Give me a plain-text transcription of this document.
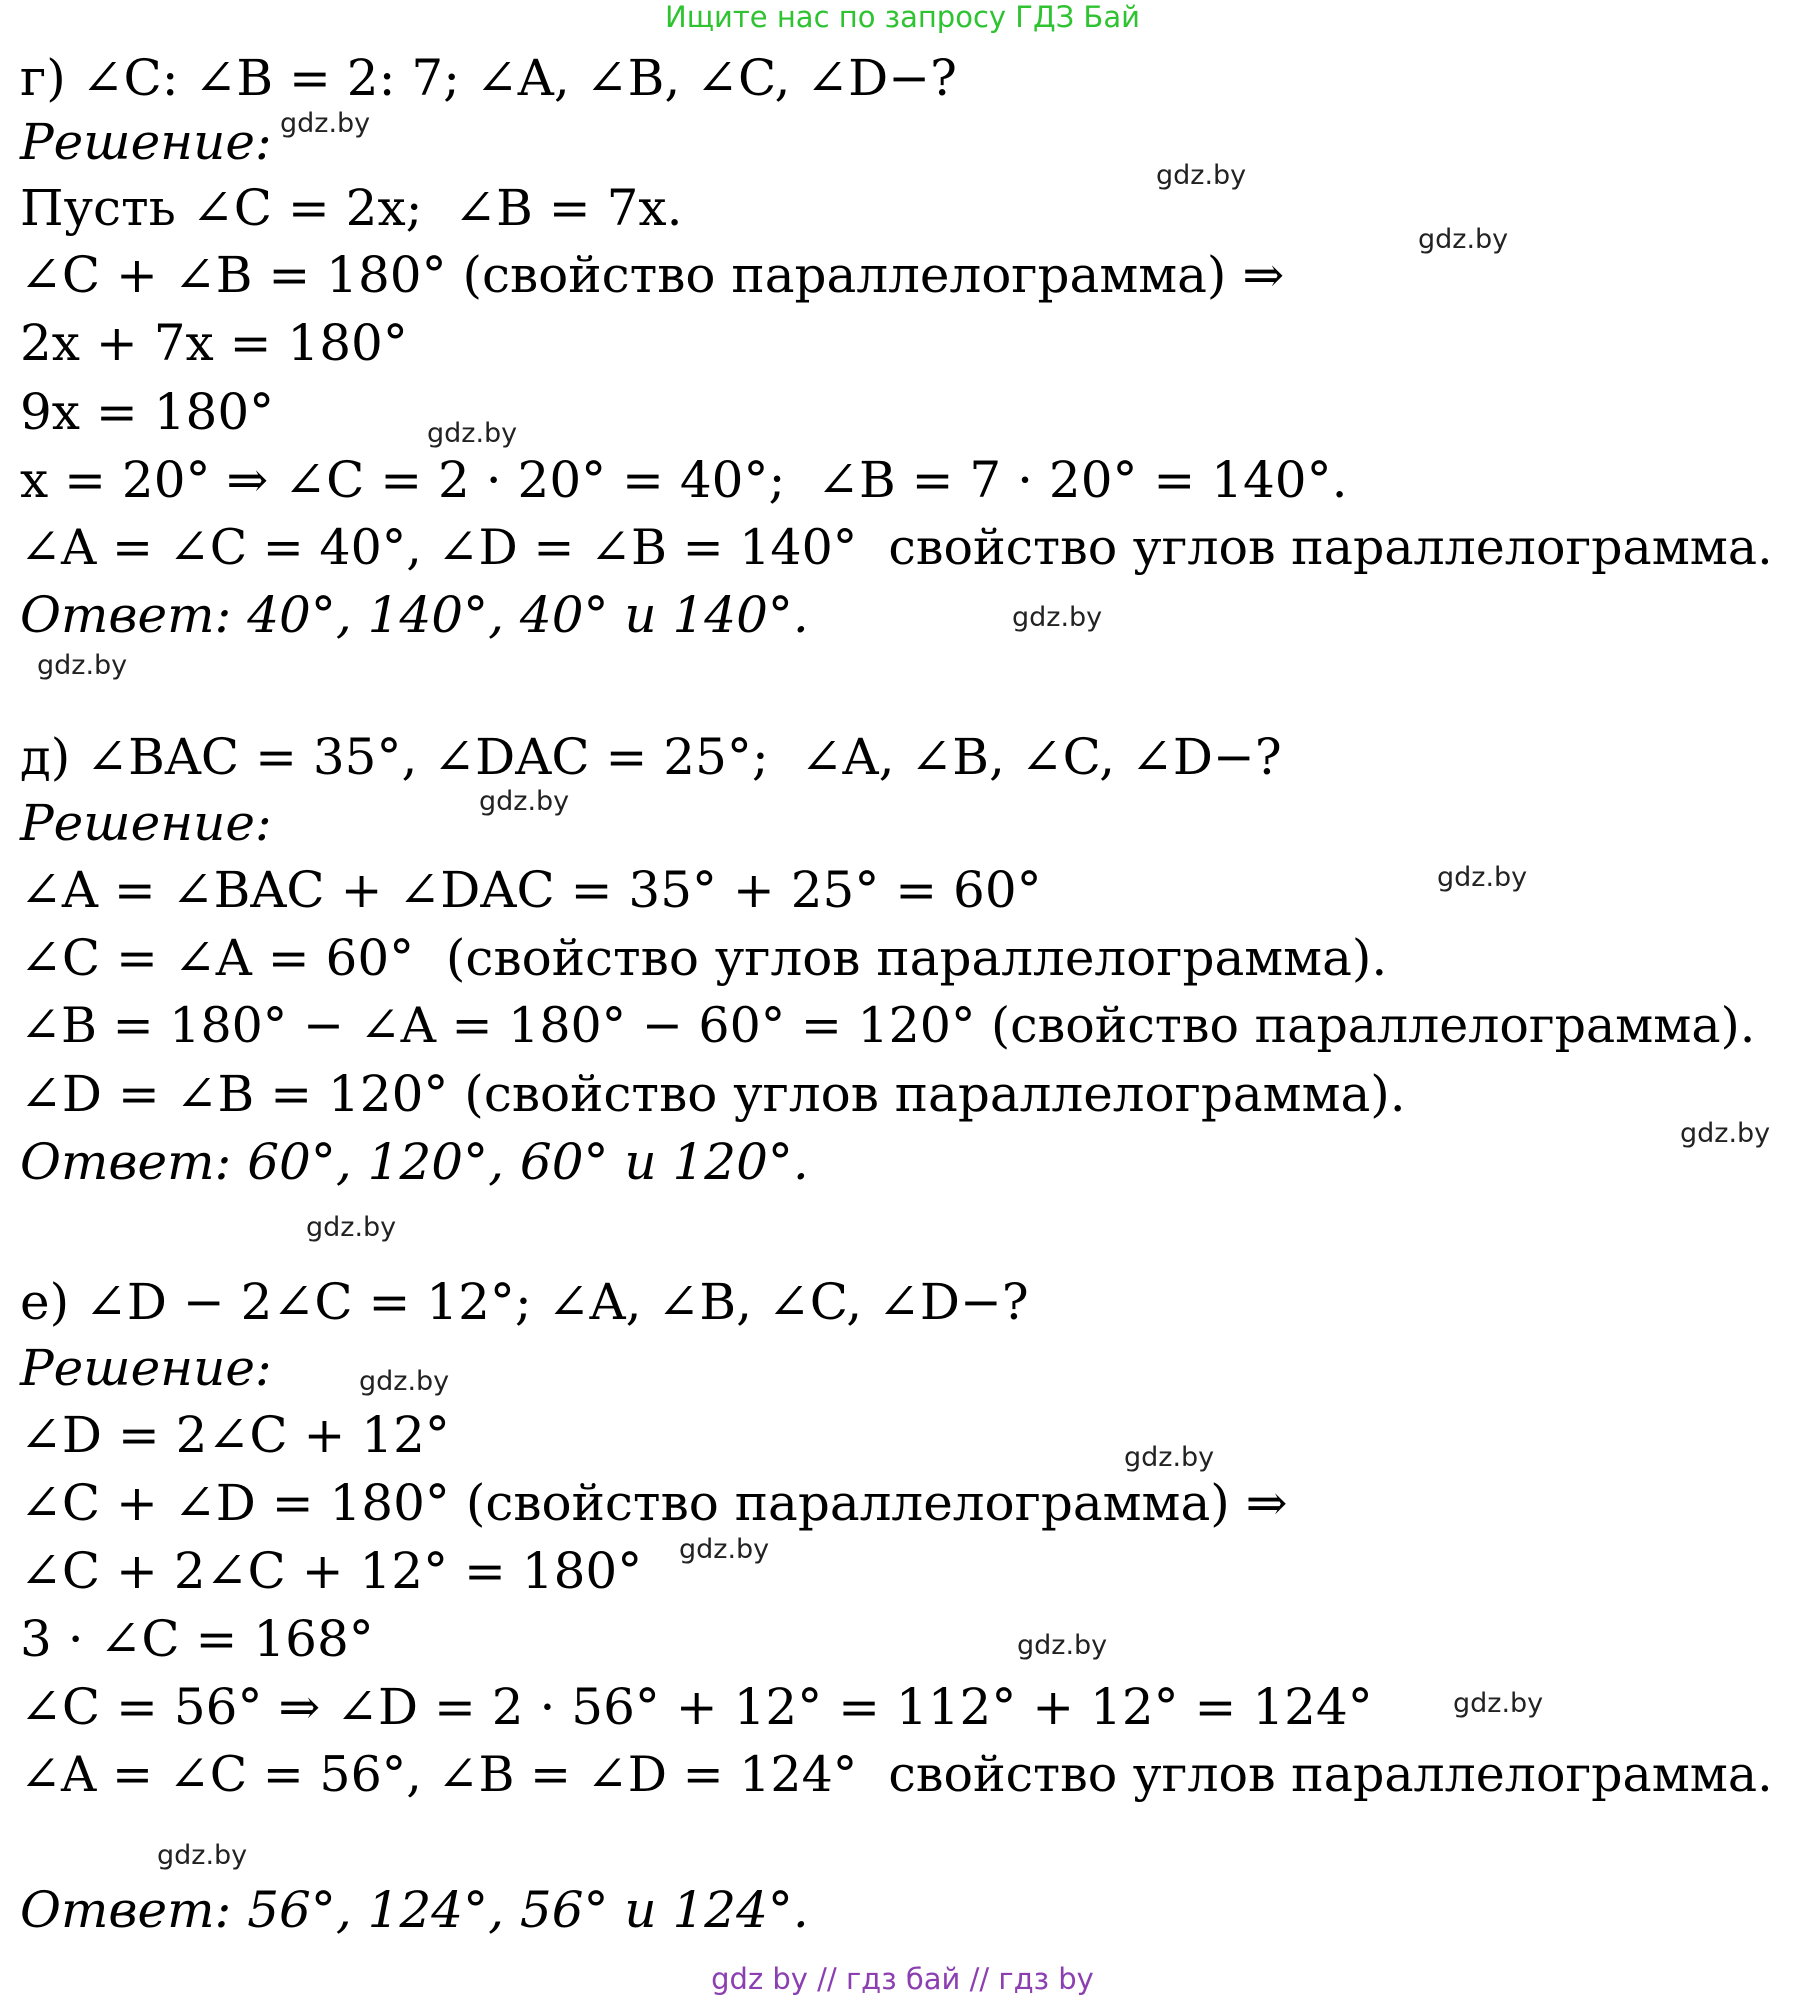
Ищите нас по запросу ГДЗ Бай
г) ∠C: ∠B = 2: 7; ∠A, ∠B, ∠C, ∠D−?
Решение:
Пусть ∠C = 2x;  ∠B = 7x.
∠C + ∠B = 180° (свойство параллелограмма) ⇒
2x + 7x = 180°
9x = 180°
x = 20° ⇒ ∠C = 2 · 20° = 40°;  ∠B = 7 · 20° = 140°.
∠A = ∠C = 40°, ∠D = ∠B = 140°  свойство углов параллелограмма.
Ответ: 40°, 140°, 40° и 140°.
д) ∠BAC = 35°, ∠DAC = 25°;  ∠A, ∠B, ∠C, ∠D−?
Решение:
∠A = ∠BAC + ∠DAC = 35° + 25° = 60°
∠C = ∠A = 60°  (свойство углов параллелограмма).
∠B = 180° − ∠A = 180° − 60° = 120° (свойство параллелограмма).
∠D = ∠B = 120° (свойство углов параллелограмма).
Ответ: 60°, 120°, 60° и 120°.
е) ∠D − 2∠C = 12°; ∠A, ∠B, ∠C, ∠D−?
Решение:
∠D = 2∠C + 12°
∠C + ∠D = 180° (свойство параллелограмма) ⇒
∠C + 2∠C + 12° = 180°
3 · ∠C = 168°
∠C = 56° ⇒ ∠D = 2 · 56° + 12° = 112° + 12° = 124°
∠A = ∠C = 56°, ∠B = ∠D = 124°  свойство углов параллелограмма.
Ответ: 56°, 124°, 56° и 124°.
gdz.by
gdz.by
gdz.by
gdz.by
gdz.by
gdz.by
gdz.by
gdz.by
gdz.by
gdz.by
gdz.by
gdz.by
gdz.by
gdz.by
gdz.by
gdz.by
gdz by // гдз бай // гдз by
